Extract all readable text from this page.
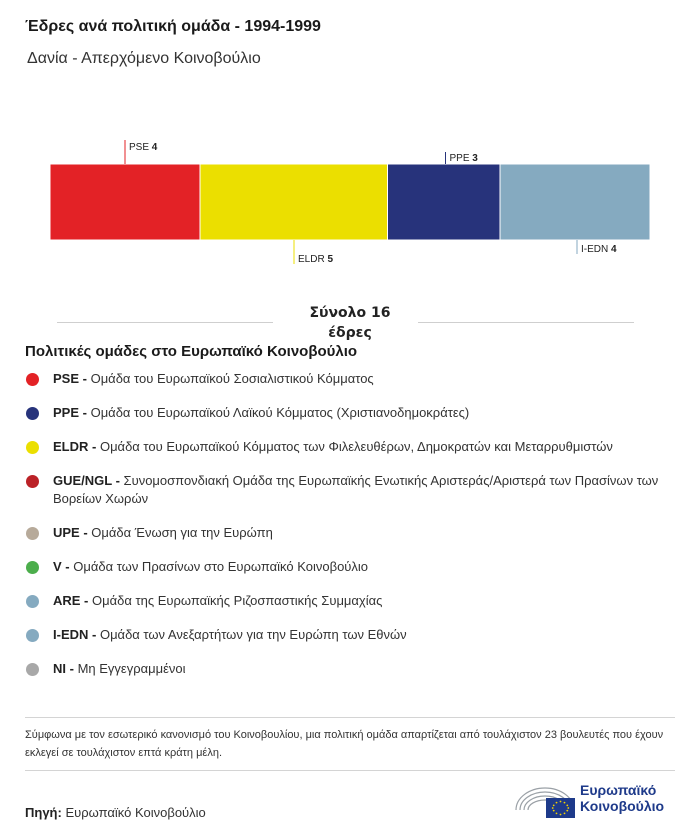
Έδρες ανά πολιτική ομάδα - 1994-1999
Δανία - Απερχόμενο Κοινοβούλιο
PSE 4
ELDR 5
PPE 3
I-EDN 4
Σύνολο 16
έδρες
Πολιτικές ομάδες στο Ευρωπαϊκό Κοινοβούλιο
PSE - Ομάδα του Ευρωπαϊκού Σοσιαλιστικού Κόμματος
PPE - Ομάδα του Ευρωπαϊκού Λαϊκού Κόμματος (Χριστιανοδημοκράτες)
ELDR - Ομάδα του Ευρωπαϊκού Κόμματος των Φιλελευθέρων, Δημοκρατών και Μεταρρυθμιστών
GUE/NGL - Συνομοσπονδιακή Ομάδα της Ευρωπαϊκής Ενωτικής Αριστεράς/Αριστερά των Πρασίνων των Βορείων Χωρών
UPE - Ομάδα Ένωση για την Ευρώπη
V - Ομάδα των Πρασίνων στο Ευρωπαϊκό Κοινοβούλιο
ARE - Ομάδα της Ευρωπαϊκής Ριζοσπαστικής Συμμαχίας
I-EDN - Ομάδα των Ανεξαρτήτων για την Ευρώπη των Εθνών
NI - Μη Εγγεγραμμένοι
Σύμφωνα με τον εσωτερικό κανονισμό του Κοινοβουλίου, μια πολιτική ομάδα απαρτίζεται από τουλάχιστον 23 βουλευτές που έχουν εκλεγεί σε τουλάχιστον επτά κράτη μέλη.
Πηγή: Ευρωπαϊκό Κοινοβούλιο
Ευρωπαϊκό
Κοινοβούλιο
